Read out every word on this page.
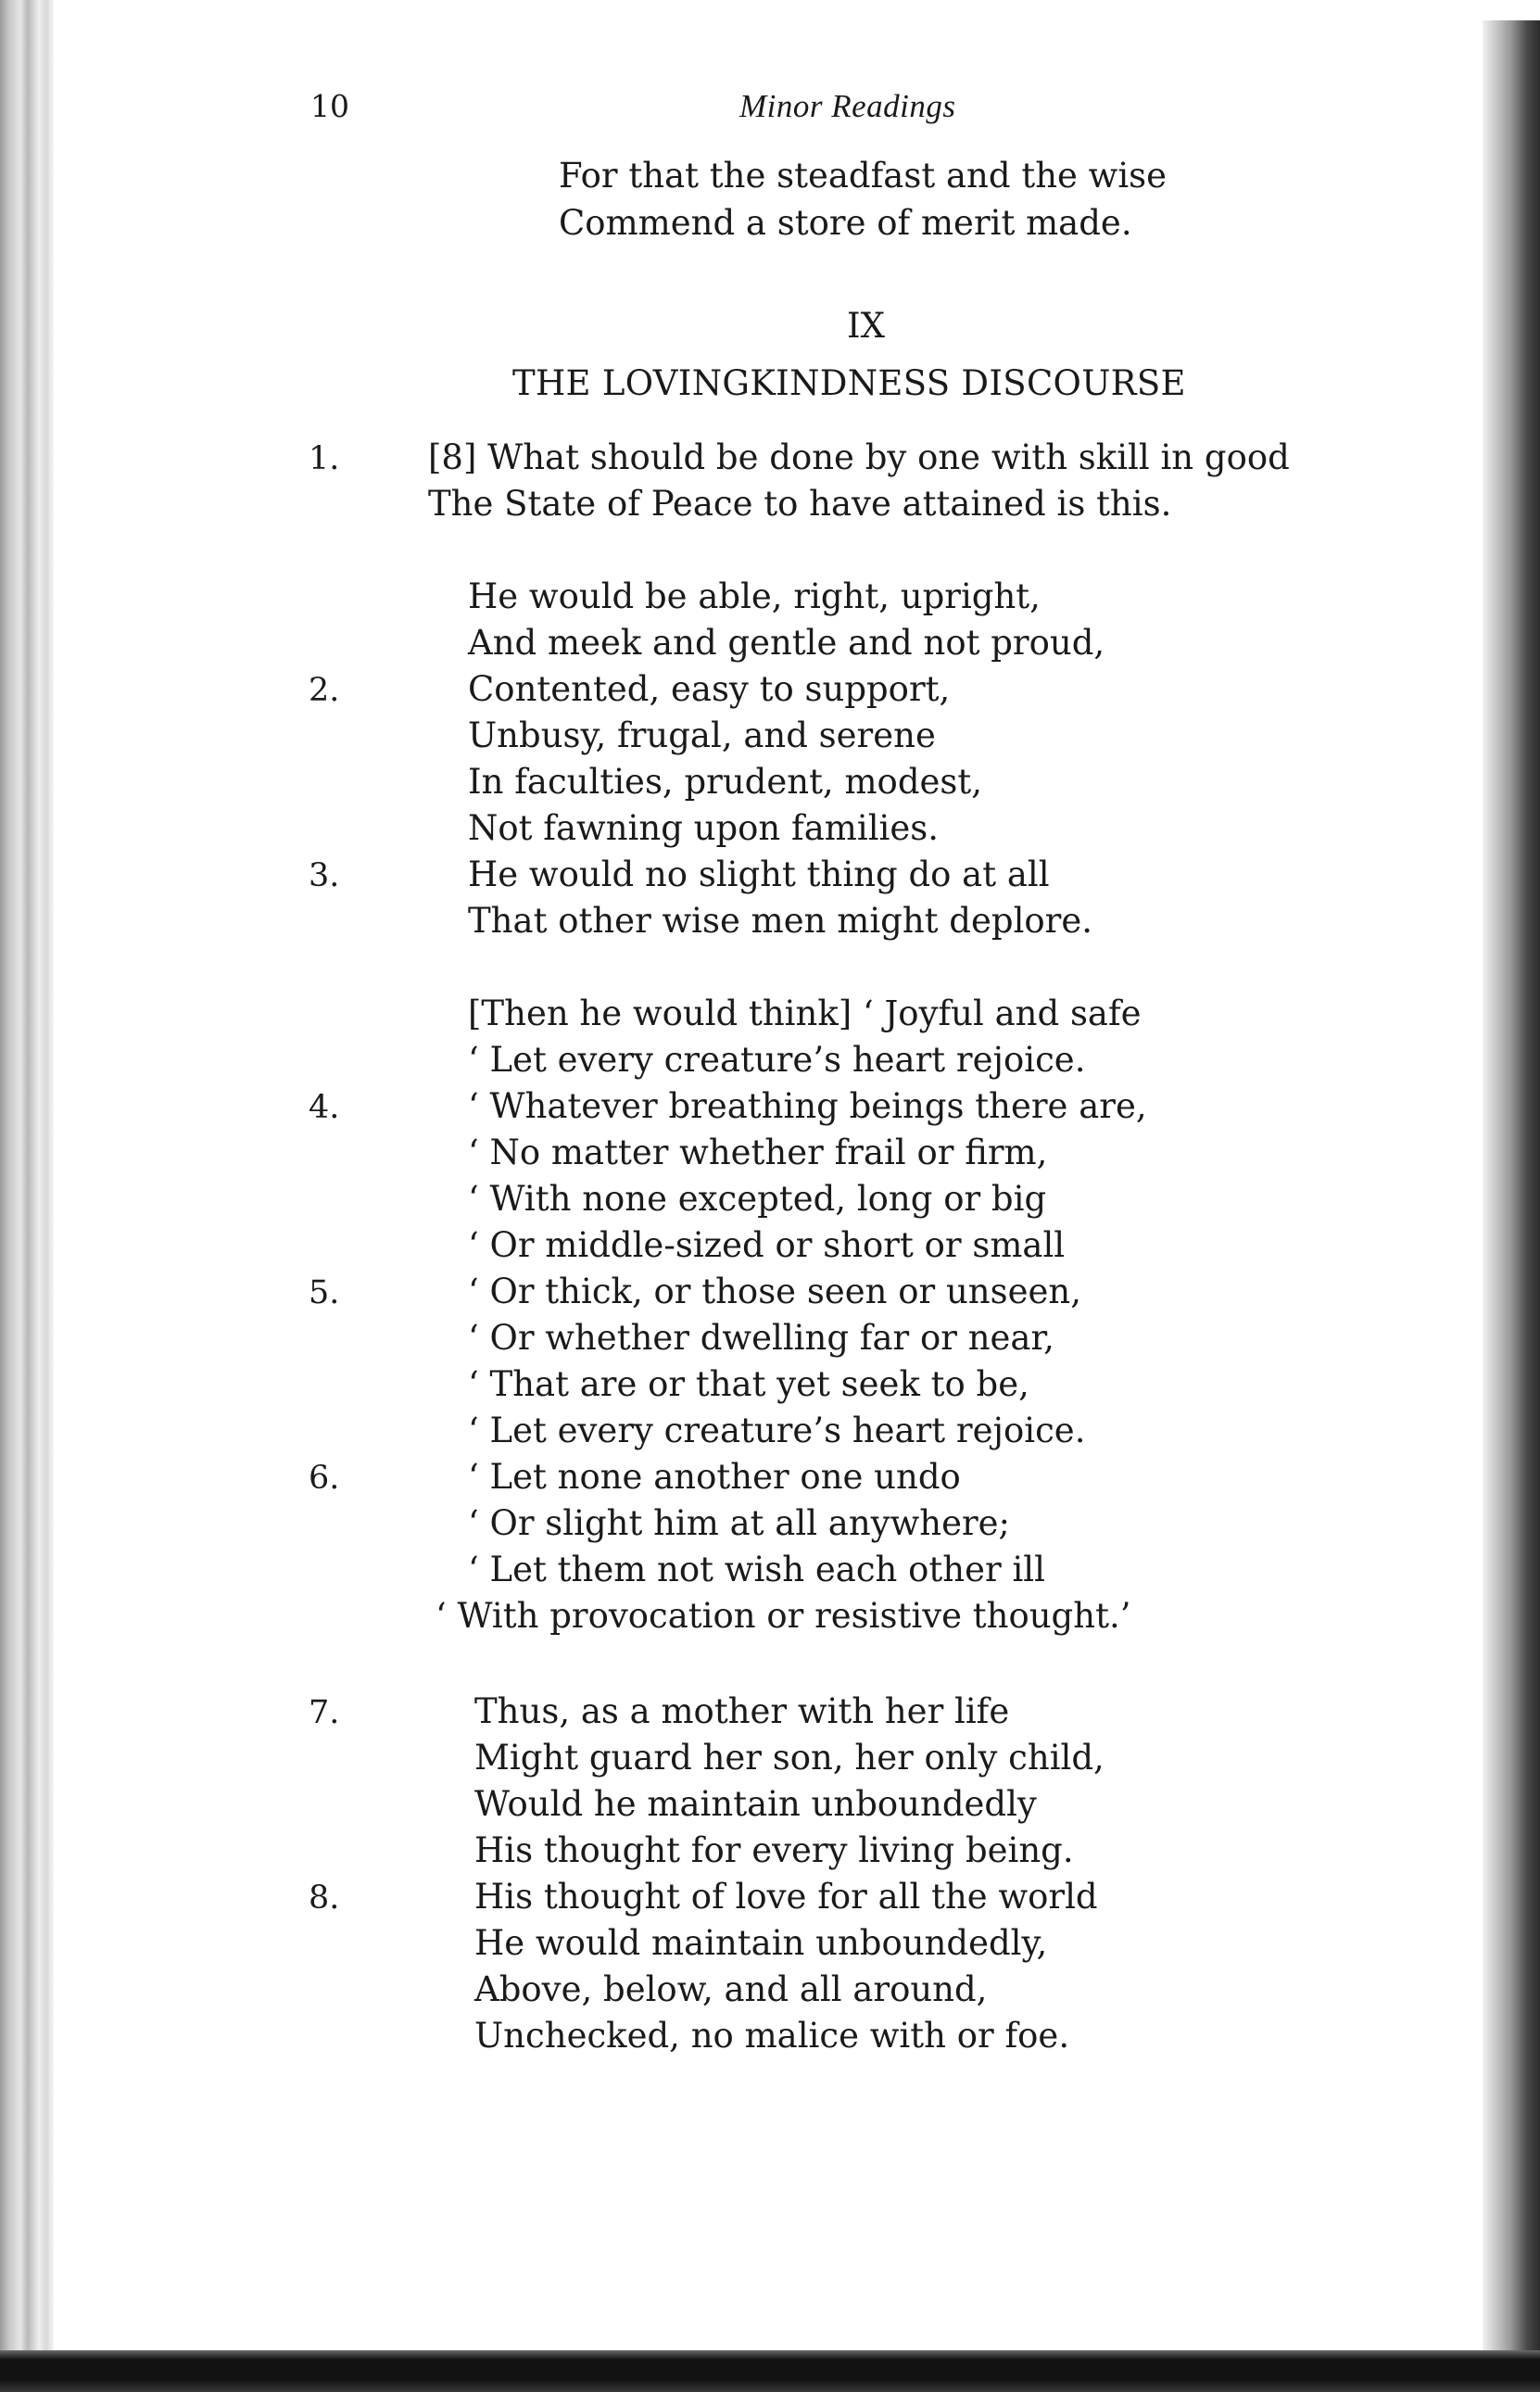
10	Minor Readings
For that the steadfast and the wise
Commend a store of merit made.
IX
THE LOVINGKINDNESS DISCOURSE
[8] What should be done by one with skill in good
The State of Peace to have attained is this.
He would be able, right, upright,
And meek and gentle and not proud,
Contented, easy to support,
Unbusy, frugal, and serene
In faculties, prudent, modest,
Not fawning upon families.
He would no slight thing do at all
That other wise men might deplore.
[Then he would think] ‘ Joyful and safe
‘ Let every creature’s heart rejoice.
‘ Whatever breathing beings there are,
‘ No matter whether frail or firm,
‘ With none excepted, long or big
‘ Or middle-sized or short or small
‘ Or thick, or those seen or unseen,
‘ Or whether dwelling far or near,
‘ That are or that yet seek to be,
‘ Let every creature’s heart rejoice.
‘ Let none another one undo
‘ Or slight him at all anywhere;
‘ Let them not wish each other ill
‘ With provocation or resistive thought.’
Thus, as a mother with her life
Might guard her son, her only child,
Would he maintain unboundedly
His thought for every living being.
His thought of love for all the world
He would maintain unboundedly,
Above, below, and all around,
Unchecked, no malice with or foe.
1.
2.
3.
4.
5.
6.
7.
8.
